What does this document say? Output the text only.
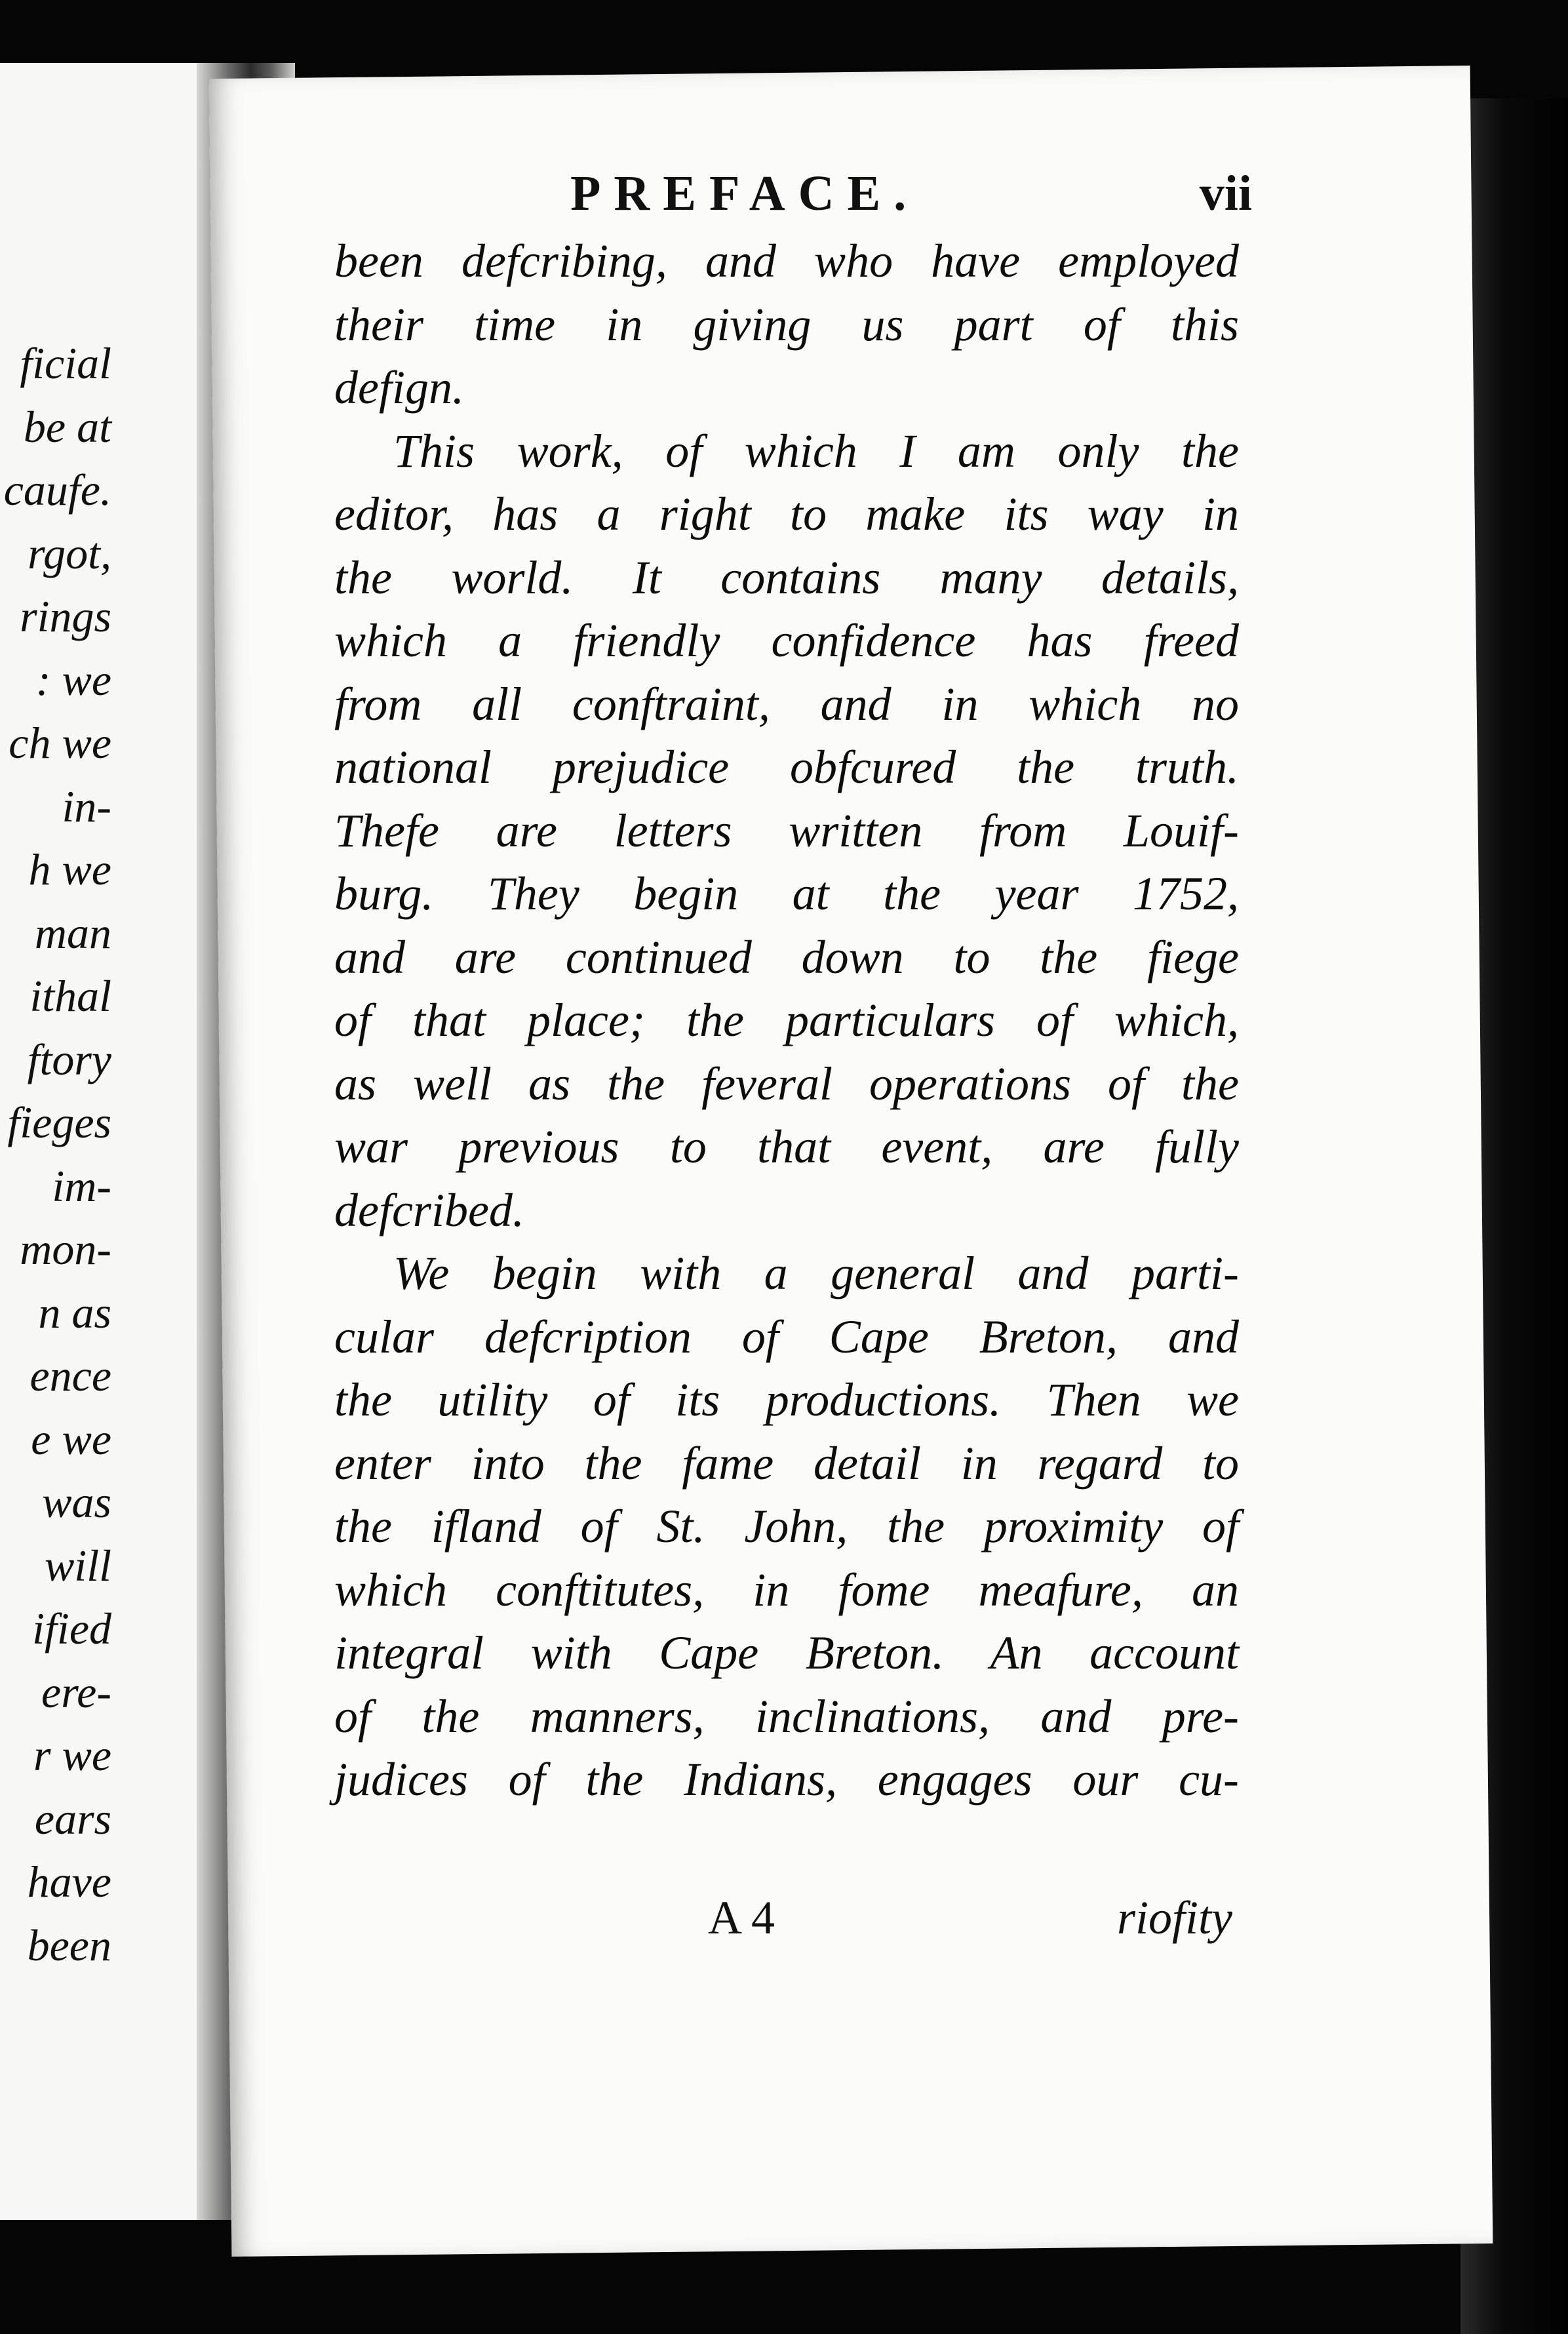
ficial
be at
caufe.
rgot,
rings
: we
ch we
in-
h we
man
ithal
ftory
fieges
im-
mon-
n as
ence
e we
was
will
ified
ere-
r we
ears
have
been
PREFACE.	vii
been defcribing, and who have employed
their time in giving us part of this
defign.
This work, of which I am only the
editor, has a right to make its way in
the world. It contains many details,
which a friendly confidence has freed
from all conftraint, and in which no
national prejudice obfcured the truth.
Thefe are letters written from Louif-
burg. They begin at the year 1752,
and are continued down to the fiege
of that place; the particulars of which,
as well as the feveral operations of the
war previous to that event, are fully
defcribed.
We begin with a general and parti-
cular defcription of Cape Breton, and
the utility of its productions. Then we
enter into the fame detail in regard to
the ifland of St. John, the proximity of
which conftitutes, in fome meafure, an
integral with Cape Breton. An account
of the manners, inclinations, and pre-
judices of the Indians, engages our cu-
A 4	riofity
